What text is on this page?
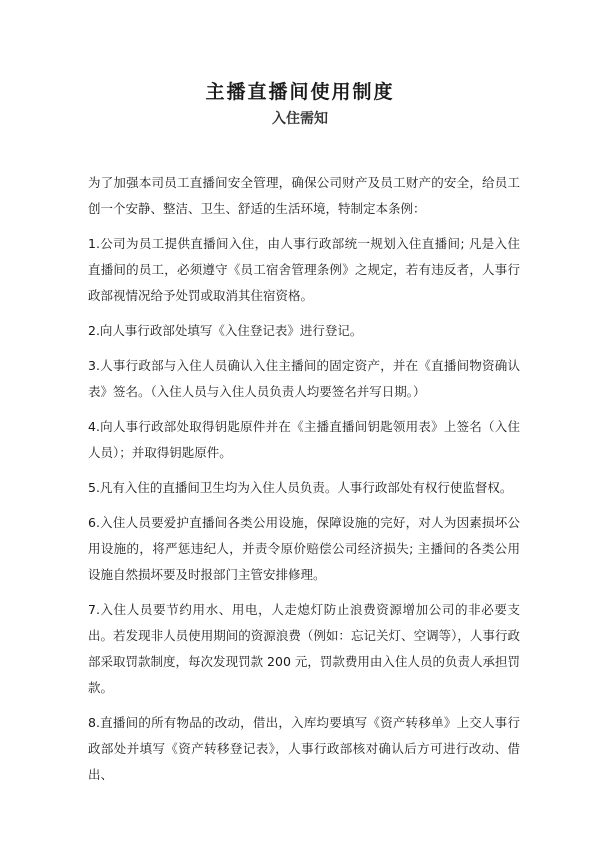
主播直播间使用制度
入住需知

为了加强本司员工直播间安全管理，确保公司财产及员工财产的安全，给员工创一个安静、整洁、卫生、舒适的生活环境，特制定本条例：

1.公司为员工提供直播间入住，由人事行政部统一规划入住直播间; 凡是入住直播间的员工，必须遵守《员工宿舍管理条例》之规定，若有违反者，人事行政部视情况给予处罚或取消其住宿资格。

2.向人事行政部处填写《入住登记表》进行登记。

3.人事行政部与入住人员确认入住主播间的固定资产，并在《直播间物资确认表》签名。（入住人员与入住人员负责人均要签名并写日期。）

4.向人事行政部处取得钥匙原件并在《主播直播间钥匙领用表》上签名（入住人员）；并取得钥匙原件。

5.凡有入住的直播间卫生均为入住人员负责。人事行政部处有权行使监督权。

6.入住人员要爱护直播间各类公用设施，保障设施的完好，对人为因素损坏公用设施的，将严惩违纪人，并责令原价赔偿公司经济损失; 主播间的各类公用设施自然损坏要及时报部门主管安排修理。

7.入住人员要节约用水、用电，人走熄灯防止浪费资源增加公司的非必要支出。若发现非人员使用期间的资源浪费（例如：忘记关灯、空调等），人事行政部采取罚款制度，每次发现罚款 200 元，罚款费用由入住人员的负责人承担罚款。

8.直播间的所有物品的改动，借出，入库均要填写《资产转移单》上交人事行政部处并填写《资产转移登记表》，人事行政部核对确认后方可进行改动、借出、
